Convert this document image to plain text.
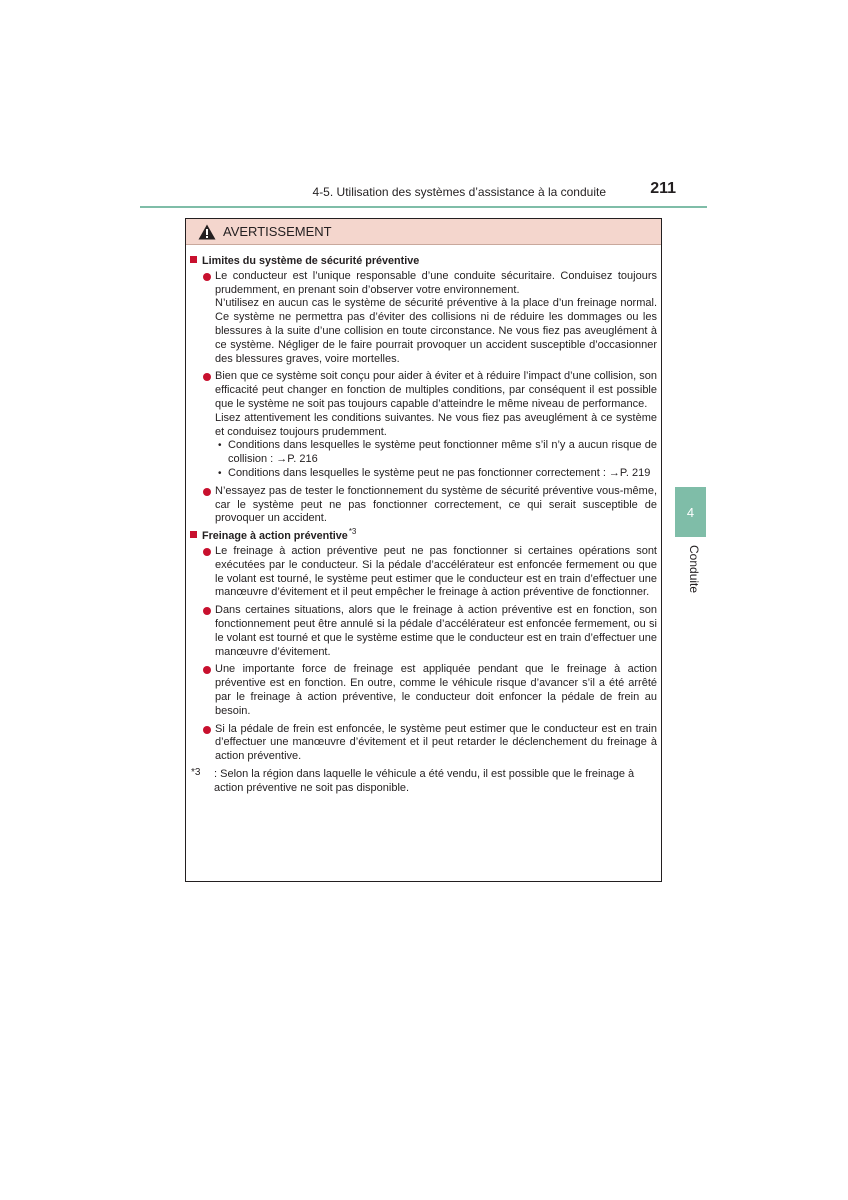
4-5. Utilisation des systèmes d’assistance à la conduite	211
4
Conduite
AVERTISSEMENT
Limites du système de sécurité préventive
Le conducteur est l’unique responsable d’une conduite sécuritaire. Conduisez toujours prudemment, en prenant soin d’observer votre environnement.
N’utilisez en aucun cas le système de sécurité préventive à la place d’un freinage normal. Ce système ne permettra pas d’éviter des collisions ni de réduire les dommages ou les blessures à la suite d’une collision en toute circonstance. Ne vous fiez pas aveuglément à ce système. Négliger de le faire pourrait provoquer un accident susceptible d’occasionner des blessures graves, voire mortelles.
Bien que ce système soit conçu pour aider à éviter et à réduire l’impact d’une collision, son efficacité peut changer en fonction de multiples conditions, par conséquent il est possible que le système ne soit pas toujours capable d’atteindre le même niveau de performance.
Lisez attentivement les conditions suivantes. Ne vous fiez pas aveuglément à ce système et conduisez toujours prudemment.
• Conditions dans lesquelles le système peut fonctionner même s’il n’y a aucun risque de collision : →P. 216
• Conditions dans lesquelles le système peut ne pas fonctionner correctement : →P. 219
N’essayez pas de tester le fonctionnement du système de sécurité préventive vous-même, car le système peut ne pas fonctionner correctement, ce qui serait susceptible de provoquer un accident.
Freinage à action préventive *3
Le freinage à action préventive peut ne pas fonctionner si certaines opérations sont exécutées par le conducteur. Si la pédale d’accélérateur est enfoncée fermement ou que le volant est tourné, le système peut estimer que le conducteur est en train d’effectuer une manœuvre d’évitement et il peut empêcher le freinage à action préventive de fonctionner.
Dans certaines situations, alors que le freinage à action préventive est en fonction, son fonctionnement peut être annulé si la pédale d’accélérateur est enfoncée fermement, ou si le volant est tourné et que le système estime que le conducteur est en train d’effectuer une manœuvre d’évitement.
Une importante force de freinage est appliquée pendant que le freinage à action préventive est en fonction. En outre, comme le véhicule risque d’avancer s’il a été arrêté par le freinage à action préventive, le conducteur doit enfoncer la pédale de frein au besoin.
Si la pédale de frein est enfoncée, le système peut estimer que le conducteur est en train d’effectuer une manœuvre d’évitement et il peut retarder le déclenchement du freinage à action préventive.
*3 : Selon la région dans laquelle le véhicule a été vendu, il est possible que le freinage à action préventive ne soit pas disponible.
